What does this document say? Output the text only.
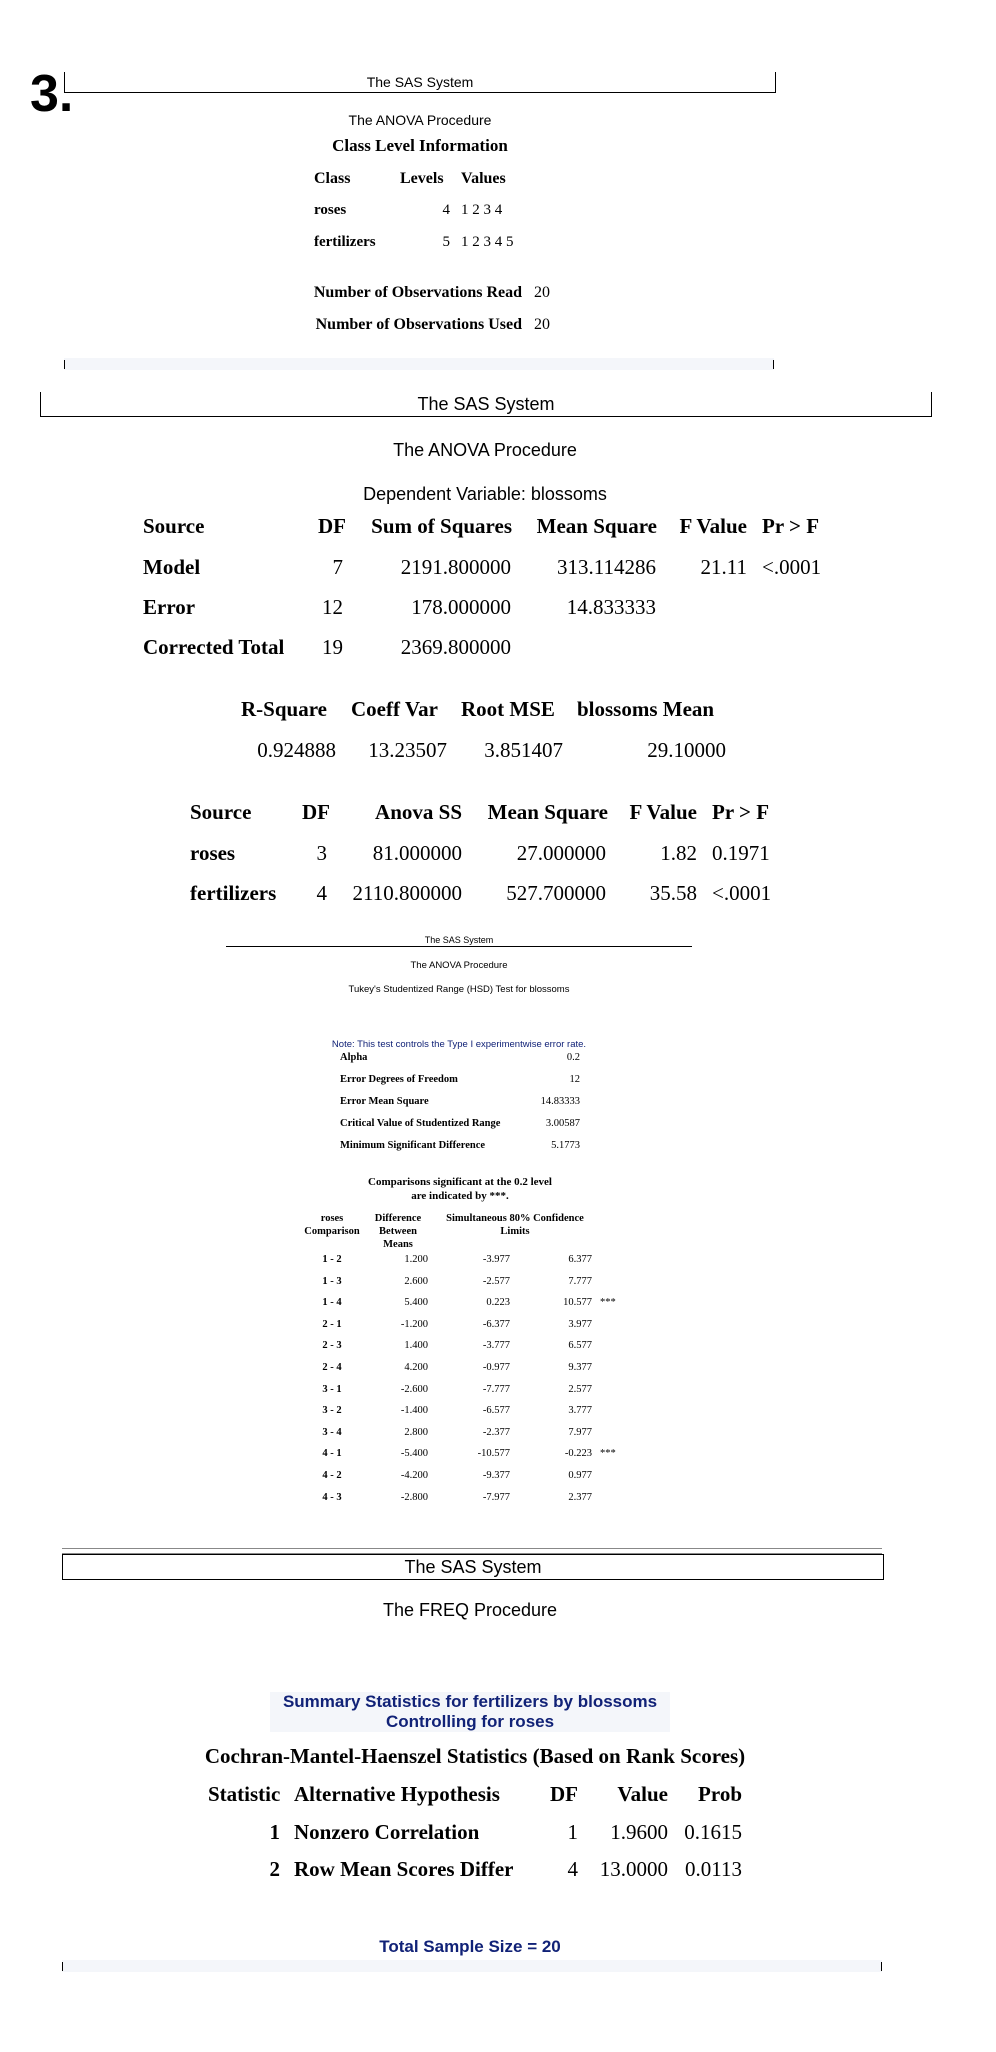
3.	The SAS System
The ANOVA Procedure
Class Level Information
Class	Levels Values
roses	4 1 2 3 4
fertilizers	5 1 2 3 4 5
Number of Observations Read 20
Number of Observations Used 20
The SAS System
The ANOVA Procedure
Dependent Variable: blossoms
Source	DF	Sum of Squares	Mean Square	F Value Pr > F
Model	7	2191.800000	313.114286	21.11 <.0001
Error	12	178.000000	14.833333
Corrected Total	19	2369.800000
R-Square Coeff Var Root MSE blossoms Mean
0.924888	13.23507	3.851407	29.10000
Source	DF	Anova SS	Mean Square	F Value Pr > F
roses	3	81.000000	27.000000	1.82 0.1971
fertilizers	4	2110.800000	527.700000	35.58 <.0001
The SAS System
The ANOVA Procedure
Tukey's Studentized Range (HSD) Test for blossoms
Note: This test controls the Type I experimentwise error rate.
Alpha	0.2
Error Degrees of Freedom	12
Error Mean Square	14.83333
Critical Value of Studentized Range	3.00587
Minimum Significant Difference	5.1773
Comparisons significant at the 0.2 level
are indicated by ***.
roses
Comparison
Difference
Between
Means
Simultaneous 80% Confidence
Limits
1 - 2	1.200	-3.977	6.377
1 - 3	2.600	-2.577	7.777
1 - 4	5.400	0.223	10.577 ***
2 - 1	-1.200	-6.377	3.977
2 - 3	1.400	-3.777	6.577
2 - 4	4.200	-0.977	9.377
3 - 1	-2.600	-7.777	2.577
3 - 2	-1.400	-6.577	3.777
3 - 4	2.800	-2.377	7.977
4 - 1	-5.400	-10.577	-0.223 ***
4 - 2	-4.200	-9.377	0.977
4 - 3	-2.800	-7.977	2.377
The SAS System
The FREQ Procedure
Summary Statistics for fertilizers by blossoms
Controlling for roses
Cochran-Mantel-Haenszel Statistics (Based on Rank Scores)
Statistic Alternative Hypothesis	DF	Value	Prob
1 Nonzero Correlation	1	1.9600 0.1615
2 Row Mean Scores Differ	4	13.0000 0.0113
Total Sample Size = 20
